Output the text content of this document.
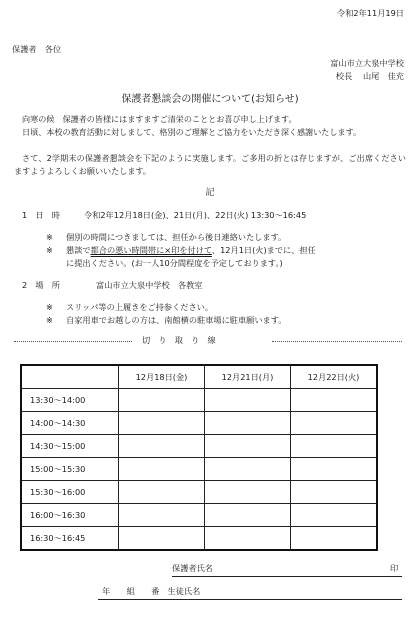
令和2年11月19日
保護者　各位
富山市立大泉中学校
校長　 山尾　佳充
保護者懇談会の開催について(お知らせ)
向寒の候　保護者の皆様にはますますご清栄のこととお喜び申し上げます。
日頃、本校の教育活動に対しまして、格別のご理解とご協力をいただき深く感謝いたします。
さて、2学期末の保護者懇談会を下記のように実施します。ご多用の折とは存じますが、ご出席くださいますようよろしくお願いいたします。
記
1　日　時	令和2年12月18日(金)、21日(月)、22日(火) 13:30～16:45
※ 個別の時間につきましては、担任から後日連絡いたします。
※ 懇談で都合の悪い時間帯に×印を付けて、12月1日(火)までに、担任
に提出ください。(お一人10分間程度を予定しております。)
2　場　所	富山市立大泉中学校　各教室
※ スリッパ等の上履きをご持参ください。
※ 自家用車でお越しの方は、南館横の駐車場に駐車願います。
切　り　取　り　線
	12月18日(金)	12月21日(月)	12月22日(火)
13:30～14:00			
14:00～14:30			
14:30～15:00			
15:00～15:30			
15:30～16:00			
16:00～16:30			
16:30～16:45			
保護者氏名	印
年　　組　　番　生徒氏名
